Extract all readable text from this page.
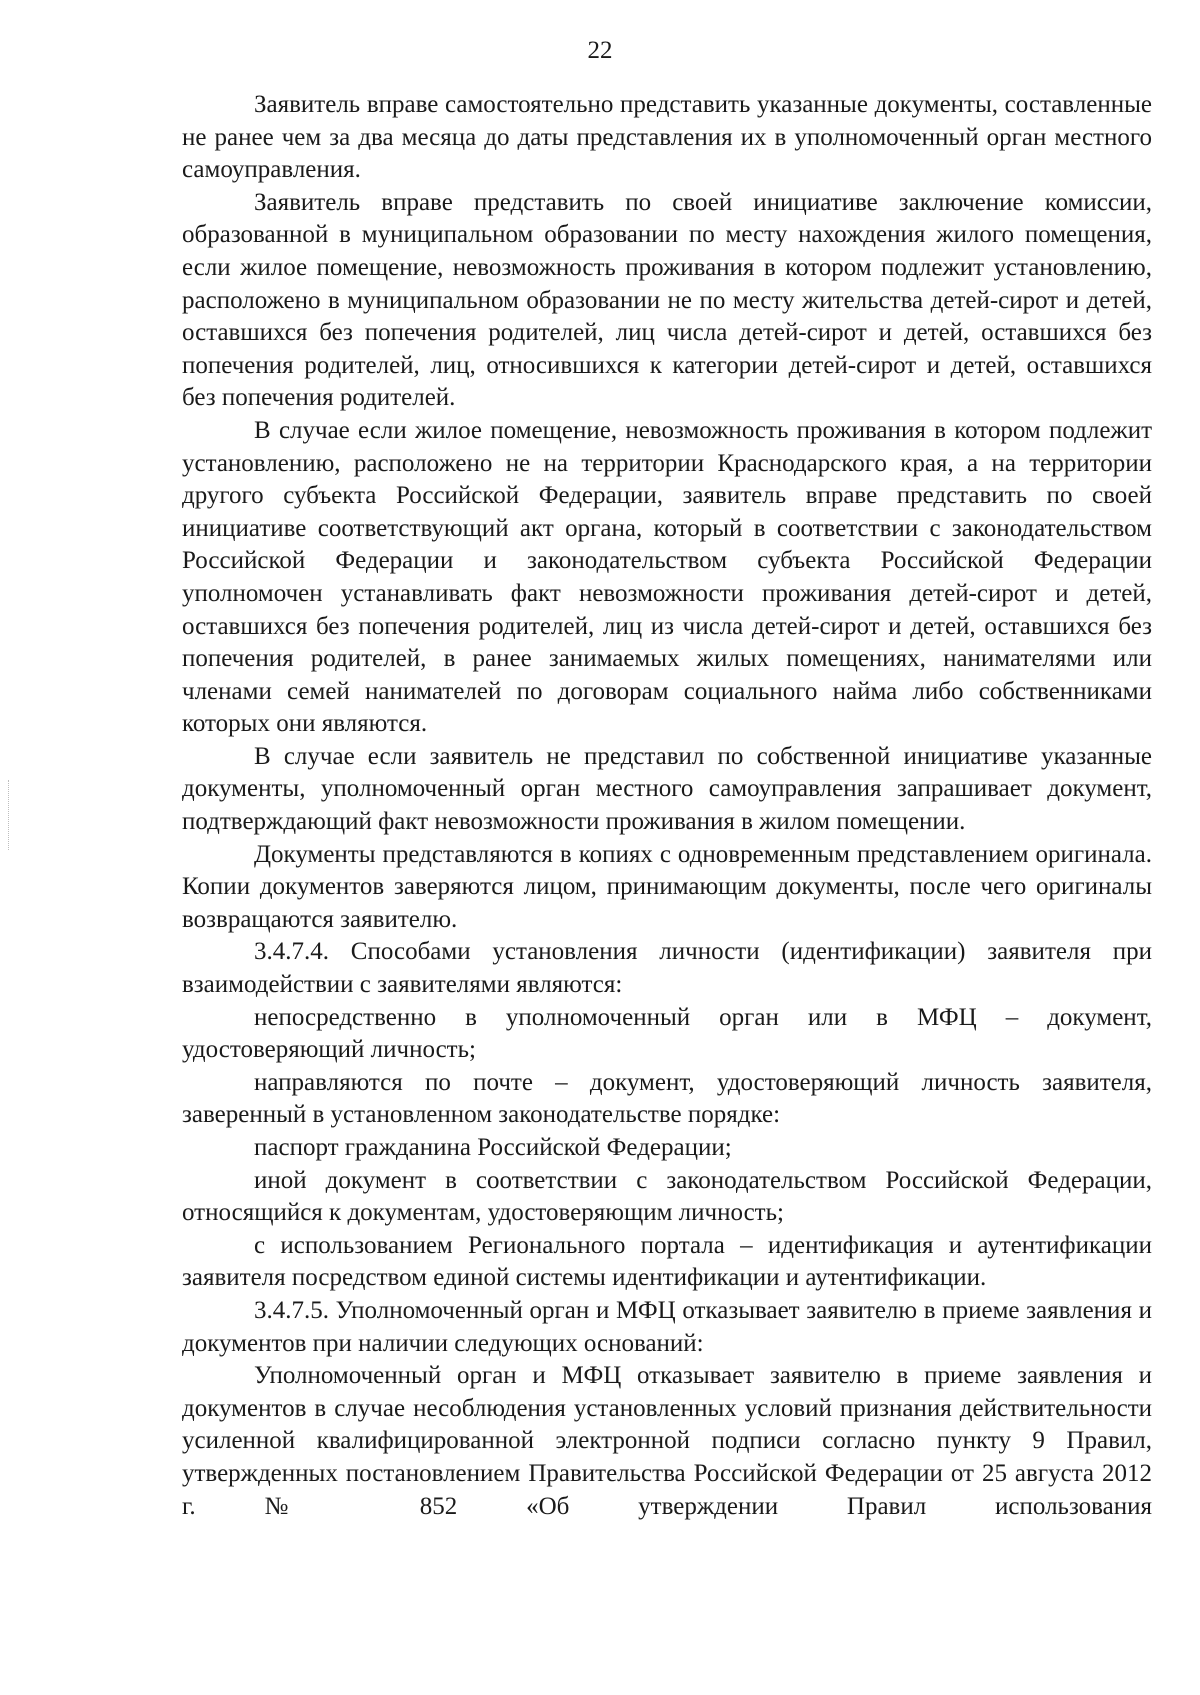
22

Заявитель вправе самостоятельно представить указанные документы, составленные не ранее чем за два месяца до даты представления их в уполномоченный орган местного самоуправления.

Заявитель вправе представить по своей инициативе заключение комиссии, образованной в муниципальном образовании по месту нахождения жилого помещения, если жилое помещение, невозможность проживания в котором подлежит установлению, расположено в муниципальном образовании не по месту жительства детей-сирот и детей, оставшихся без попечения родителей, лиц числа детей-сирот и детей, оставшихся без попечения родителей, лиц, относившихся к категории детей-сирот и детей, оставшихся без попечения родителей.

В случае если жилое помещение, невозможность проживания в котором подлежит установлению, расположено не на территории Краснодарского края, а на территории другого субъекта Российской Федерации, заявитель вправе представить по своей инициативе соответствующий акт органа, который в соответствии с законодательством Российской Федерации и законодательством субъекта Российской Федерации уполномочен устанавливать факт невозможности проживания детей-сирот и детей, оставшихся без попечения родителей, лиц из числа детей-сирот и детей, оставшихся без попечения родителей, в ранее занимаемых жилых помещениях, нанимателями или членами семей нанимателей по договорам социального найма либо собственниками которых они являются.

В случае если заявитель не представил по собственной инициативе указанные документы, уполномоченный орган местного самоуправления запрашивает документ, подтверждающий факт невозможности проживания в жилом помещении.

Документы представляются в копиях с одновременным представлением оригинала. Копии документов заверяются лицом, принимающим документы, после чего оригиналы возвращаются заявителю.

3.4.7.4. Способами установления личности (идентификации) заявителя при взаимодействии с заявителями являются:

непосредственно в уполномоченный орган или в МФЦ – документ, удостоверяющий личность;

направляются по почте – документ, удостоверяющий личность заявителя, заверенный в установленном законодательстве порядке:

паспорт гражданина Российской Федерации;

иной документ в соответствии с законодательством Российской Федерации, относящийся к документам, удостоверяющим личность;

с использованием Регионального портала – идентификация и аутентификации заявителя посредством единой системы идентификации и аутентификации.

3.4.7.5. Уполномоченный орган и МФЦ отказывает заявителю в приеме заявления и документов при наличии следующих оснований:

Уполномоченный орган и МФЦ отказывает заявителю в приеме заявления и документов в случае несоблюдения установленных условий признания действительности усиленной квалифицированной электронной подписи согласно пункту 9 Правил, утвержденных постановлением Правительства Российской Федерации от 25 августа 2012 г. № 852 «Об утверждении Правил использования
